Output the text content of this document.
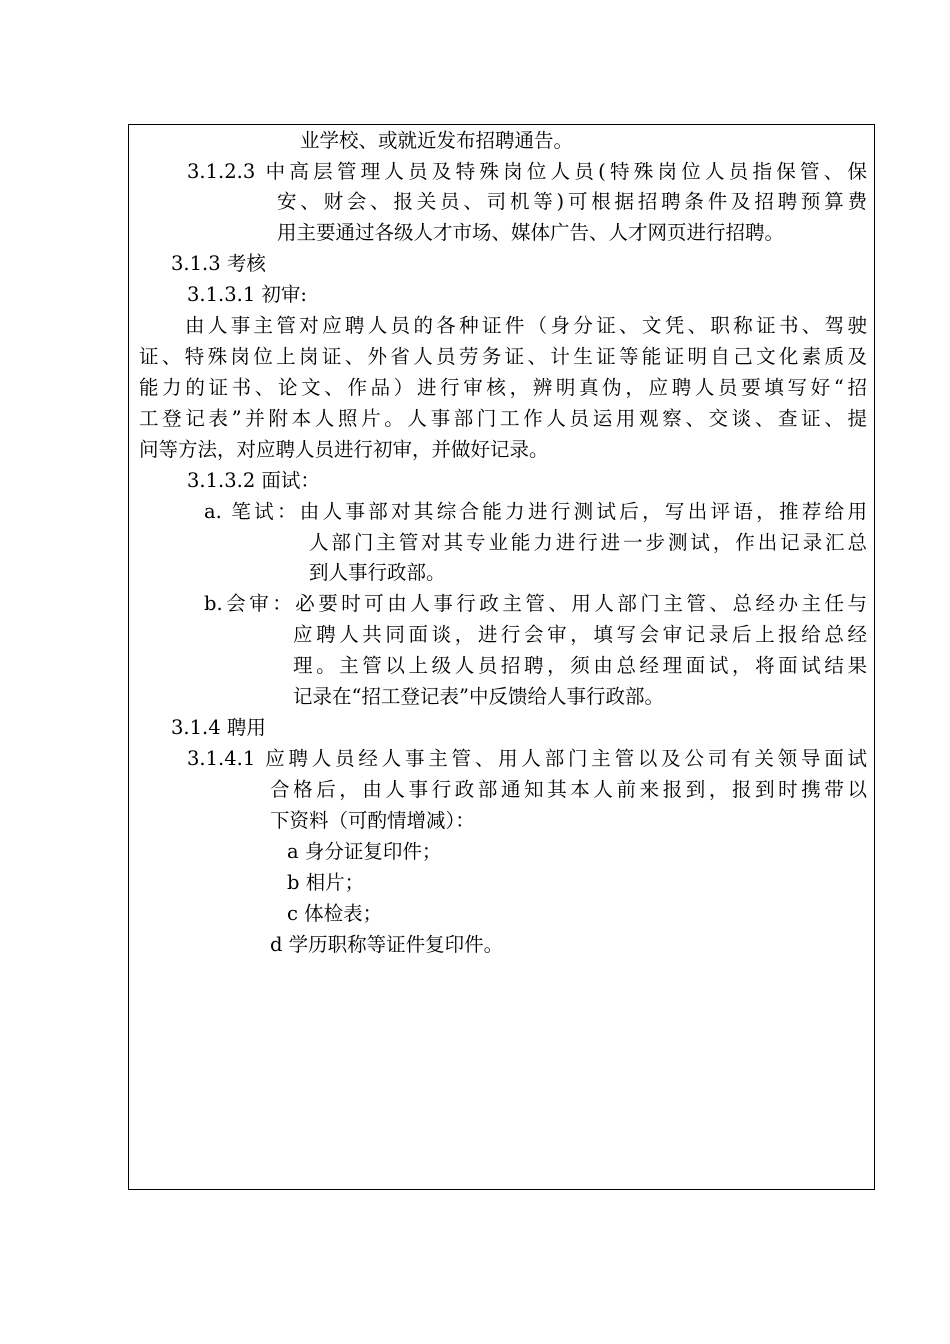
业学校、或就近发布招聘通告。
3.1.2.3 中高层管理人员及特殊岗位人员(特殊岗位人员指保管、保
安、财会、报关员、司机等)可根据招聘条件及招聘预算费
用主要通过各级人才市场、媒体广告、人才网页进行招聘。
3.1.3 考核
3.1.3.1 初审:
由人事主管对应聘人员的各种证件（身分证、文凭、职称证书、驾驶
证、特殊岗位上岗证、外省人员劳务证、计生证等能证明自己文化素质及
能力的证书、论文、作品）进行审核，辨明真伪，应聘人员要填写好“招
工登记表”并附本人照片。人事部门工作人员运用观察、交谈、查证、提
问等方法，对应聘人员进行初审，并做好记录。
3.1.3.2 面试：
a. 笔试：由人事部对其综合能力进行测试后，写出评语，推荐给用
人部门主管对其专业能力进行进一步测试，作出记录汇总
到人事行政部。
b.会审：必要时可由人事行政主管、用人部门主管、总经办主任与
应聘人共同面谈，进行会审，填写会审记录后上报给总经
理。主管以上级人员招聘，须由总经理面试，将面试结果
记录在“招工登记表”中反馈给人事行政部。
3.1.4 聘用
3.1.4.1 应聘人员经人事主管、用人部门主管以及公司有关领导面试
合格后，由人事行政部通知其本人前来报到，报到时携带以
下资料（可酌情增减）：
a 身分证复印件；
b 相片；
c 体检表；
d 学历职称等证件复印件。
